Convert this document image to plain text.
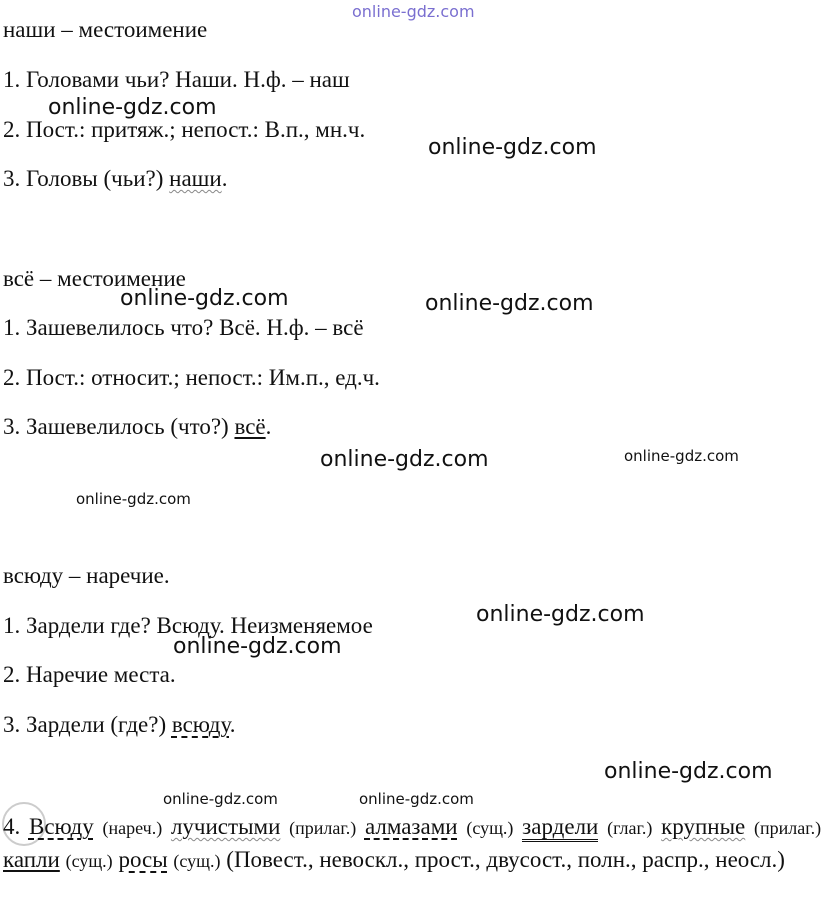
online-gdz.com
наши – местоимение
1. Головами чьи? Наши. Н.ф. – наш
2. Пост.: притяж.; непост.: В.п., мн.ч.
3. Головы (чьи?) наши.
всё – местоимение
1. Зашевелилось что? Всё. Н.ф. – всё
2. Пост.: относит.; непост.: Им.п., ед.ч.
3. Зашевелилось (что?) всё.
всюду – наречие.
1. Зардели где? Всюду. Неизменяемое
2. Наречие места.
3. Зардели (где?) всюду.
4. Всюду (нареч.) лучистыми (прилаг.) алмазами (сущ.) зардели (глаг.) крупные (прилаг.) капли (сущ.) росы (сущ.) (Повест., невоскл., прост., двусост., полн., распр., неосл.)
online-gdz.com
online-gdz.com
online-gdz.com	online-gdz.com
online-gdz.com	online-gdz.com
online-gdz.com
online-gdz.com
online-gdz.com
online-gdz.com
online-gdz.com	online-gdz.com
